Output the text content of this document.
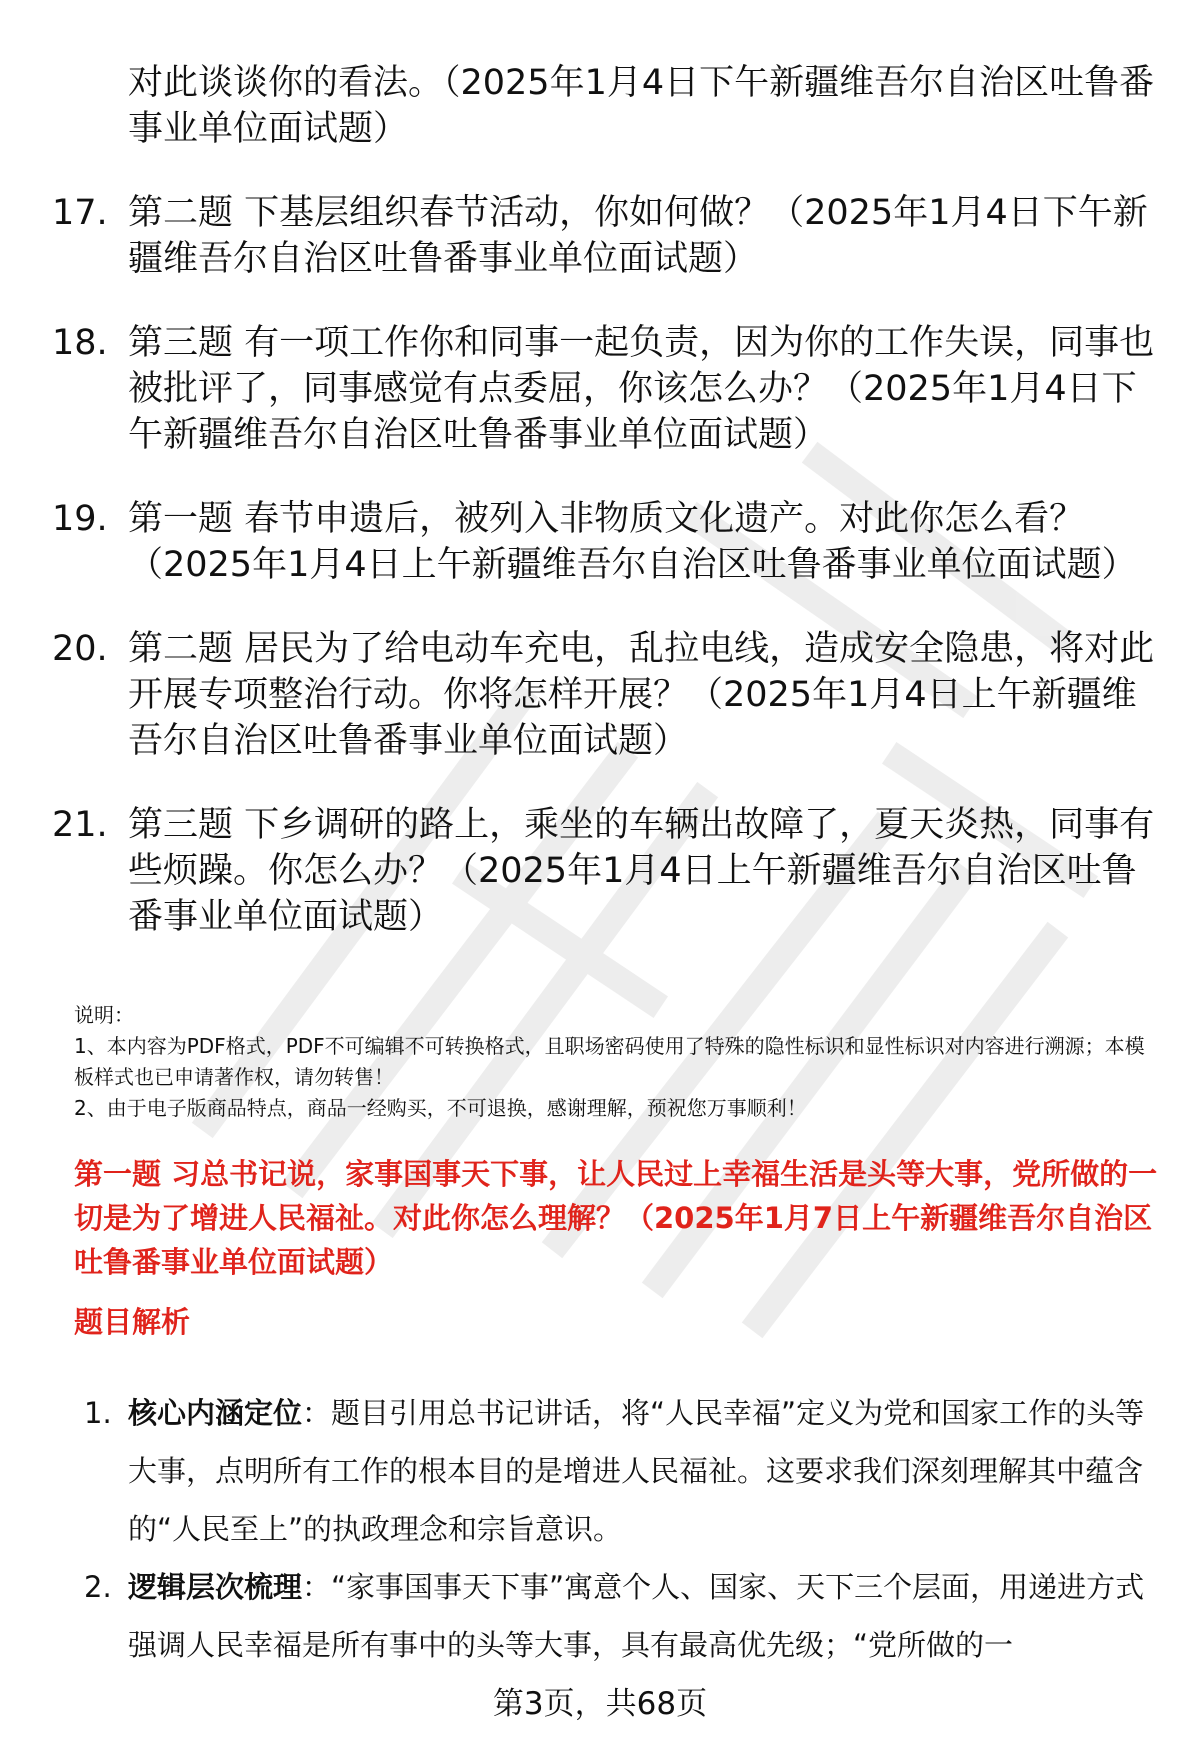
对此谈谈你的看法。（2025年1月4日下午新疆维吾尔自治区吐鲁番事业单位面试题）
17. 第二题 下基层组织春节活动，你如何做？（2025年1月4日下午新疆维吾尔自治区吐鲁番事业单位面试题）
18. 第三题 有一项工作你和同事一起负责，因为你的工作失误，同事也被批评了，同事感觉有点委屈，你该怎么办？（2025年1月4日下午新疆维吾尔自治区吐鲁番事业单位面试题）
19. 第一题 春节申遗后，被列入非物质文化遗产。对此你怎么看？（2025年1月4日上午新疆维吾尔自治区吐鲁番事业单位面试题）
20. 第二题 居民为了给电动车充电，乱拉电线，造成安全隐患，将对此开展专项整治行动。你将怎样开展？（2025年1月4日上午新疆维吾尔自治区吐鲁番事业单位面试题）
21. 第三题 下乡调研的路上，乘坐的车辆出故障了，夏天炎热，同事有些烦躁。你怎么办？（2025年1月4日上午新疆维吾尔自治区吐鲁番事业单位面试题）
说明：
1、本内容为PDF格式，PDF不可编辑不可转换格式，且职场密码使用了特殊的隐性标识和显性标识对内容进行溯源；本模板样式也已申请著作权，请勿转售！
2、由于电子版商品特点，商品一经购买，不可退换，感谢理解，预祝您万事顺利！
第一题 习总书记说，家事国事天下事，让人民过上幸福生活是头等大事，党所做的一切是为了增进人民福祉。对此你怎么理解？（2025年1月7日上午新疆维吾尔自治区吐鲁番事业单位面试题）
题目解析
1. 核心内涵定位：题目引用总书记讲话，将“人民幸福”定义为党和国家工作的头等大事，点明所有工作的根本目的是增进人民福祉。这要求我们深刻理解其中蕴含的“人民至上”的执政理念和宗旨意识。
2. 逻辑层次梳理：“家事国事天下事”寓意个人、国家、天下三个层面，用递进方式强调人民幸福是所有事中的头等大事，具有最高优先级；“党所做的一
第3页，共68页
